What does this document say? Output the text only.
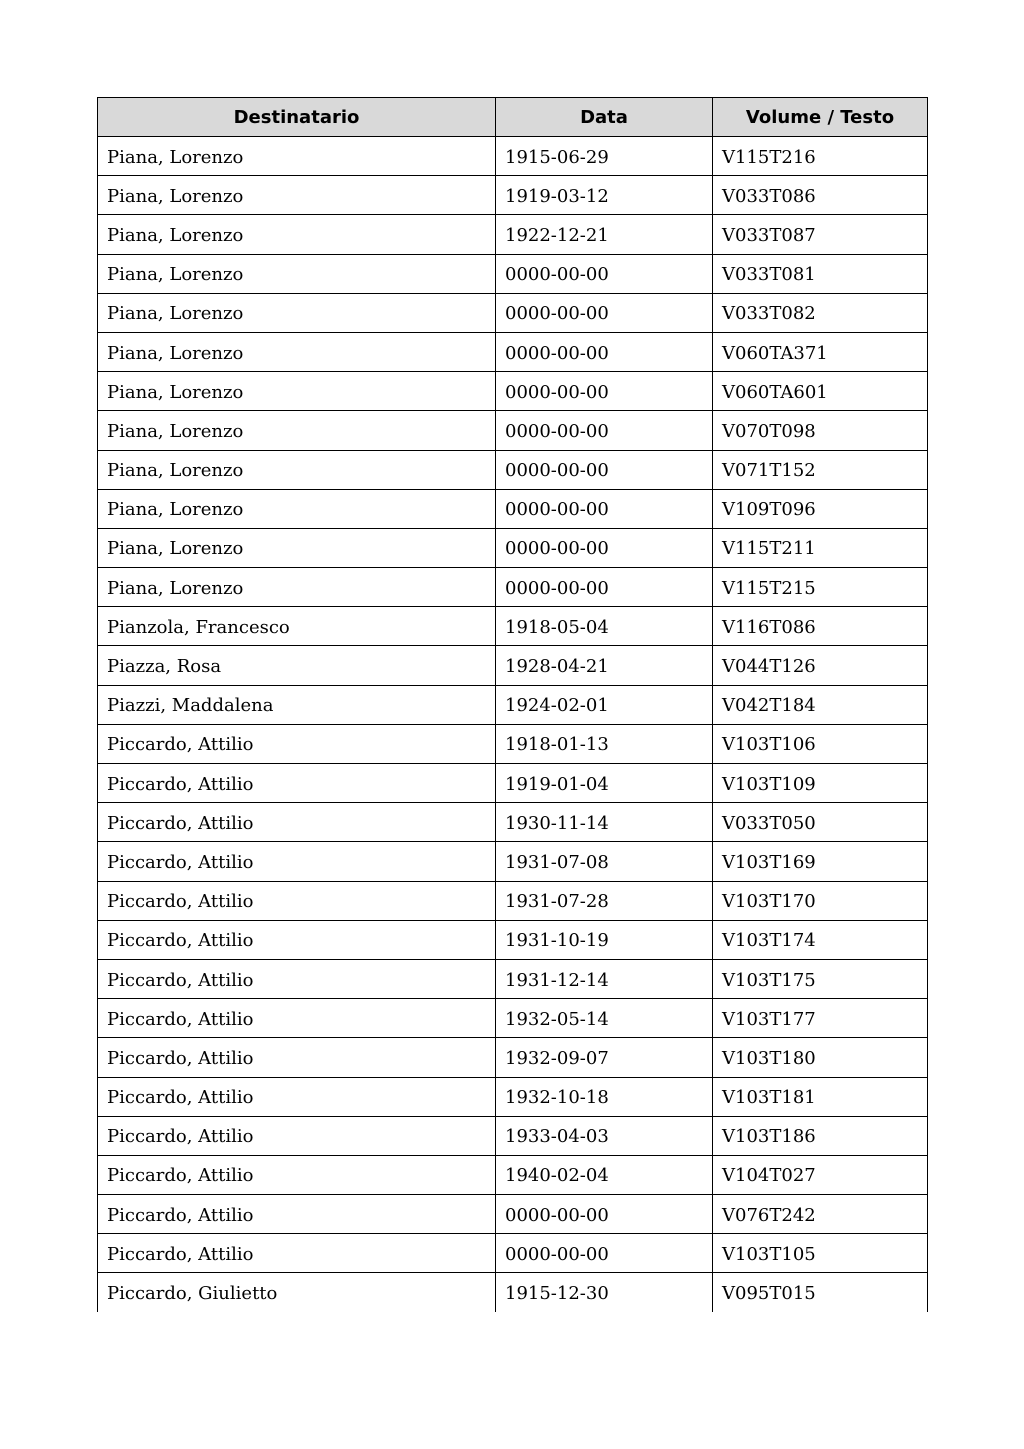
Destinatario	Data	Volume / Testo
Piana, Lorenzo	1915-06-29	V115T216
Piana, Lorenzo	1919-03-12	V033T086
Piana, Lorenzo	1922-12-21	V033T087
Piana, Lorenzo	0000-00-00	V033T081
Piana, Lorenzo	0000-00-00	V033T082
Piana, Lorenzo	0000-00-00	V060TA371
Piana, Lorenzo	0000-00-00	V060TA601
Piana, Lorenzo	0000-00-00	V070T098
Piana, Lorenzo	0000-00-00	V071T152
Piana, Lorenzo	0000-00-00	V109T096
Piana, Lorenzo	0000-00-00	V115T211
Piana, Lorenzo	0000-00-00	V115T215
Pianzola, Francesco	1918-05-04	V116T086
Piazza, Rosa	1928-04-21	V044T126
Piazzi, Maddalena	1924-02-01	V042T184
Piccardo, Attilio	1918-01-13	V103T106
Piccardo, Attilio	1919-01-04	V103T109
Piccardo, Attilio	1930-11-14	V033T050
Piccardo, Attilio	1931-07-08	V103T169
Piccardo, Attilio	1931-07-28	V103T170
Piccardo, Attilio	1931-10-19	V103T174
Piccardo, Attilio	1931-12-14	V103T175
Piccardo, Attilio	1932-05-14	V103T177
Piccardo, Attilio	1932-09-07	V103T180
Piccardo, Attilio	1932-10-18	V103T181
Piccardo, Attilio	1933-04-03	V103T186
Piccardo, Attilio	1940-02-04	V104T027
Piccardo, Attilio	0000-00-00	V076T242
Piccardo, Attilio	0000-00-00	V103T105
Piccardo, Giulietto	1915-12-30	V095T015
